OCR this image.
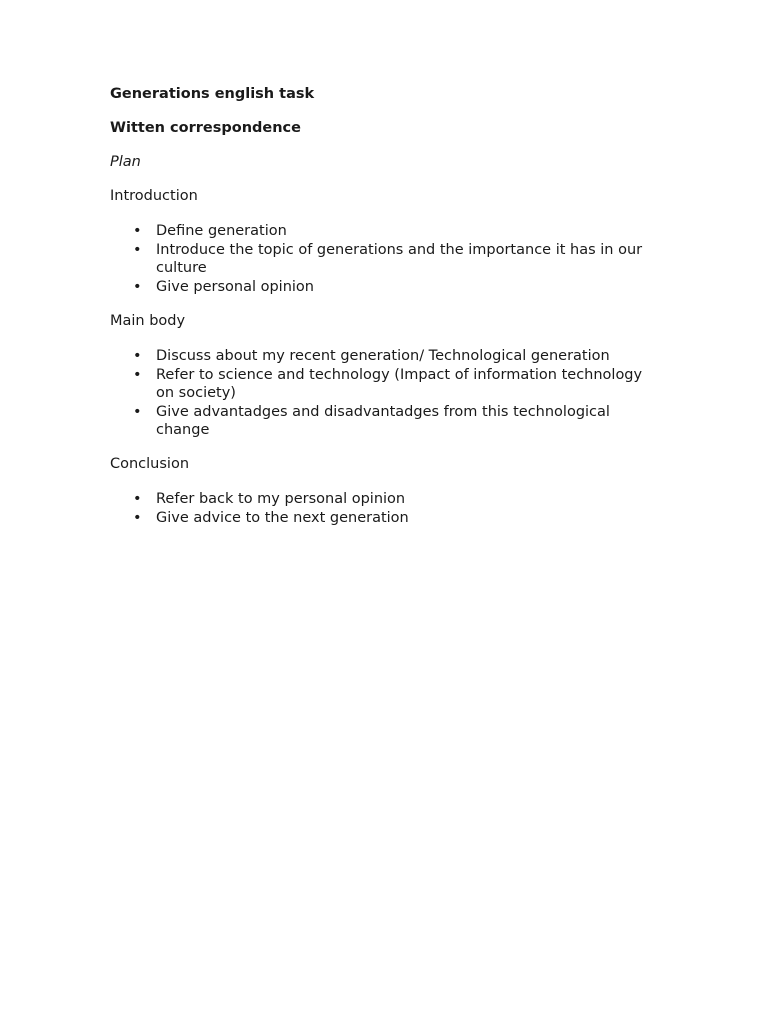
Generations english task

Witten correspondence

Plan

Introduction

• Define generation
• Introduce the topic of generations and the importance it has in our culture
• Give personal opinion

Main body

• Discuss about my recent generation/ Technological generation
• Refer to science and technology (Impact of information technology on society)
• Give advantadges and disadvantadges from this technological change

Conclusion

• Refer back to my personal opinion
• Give advice to the next generation
